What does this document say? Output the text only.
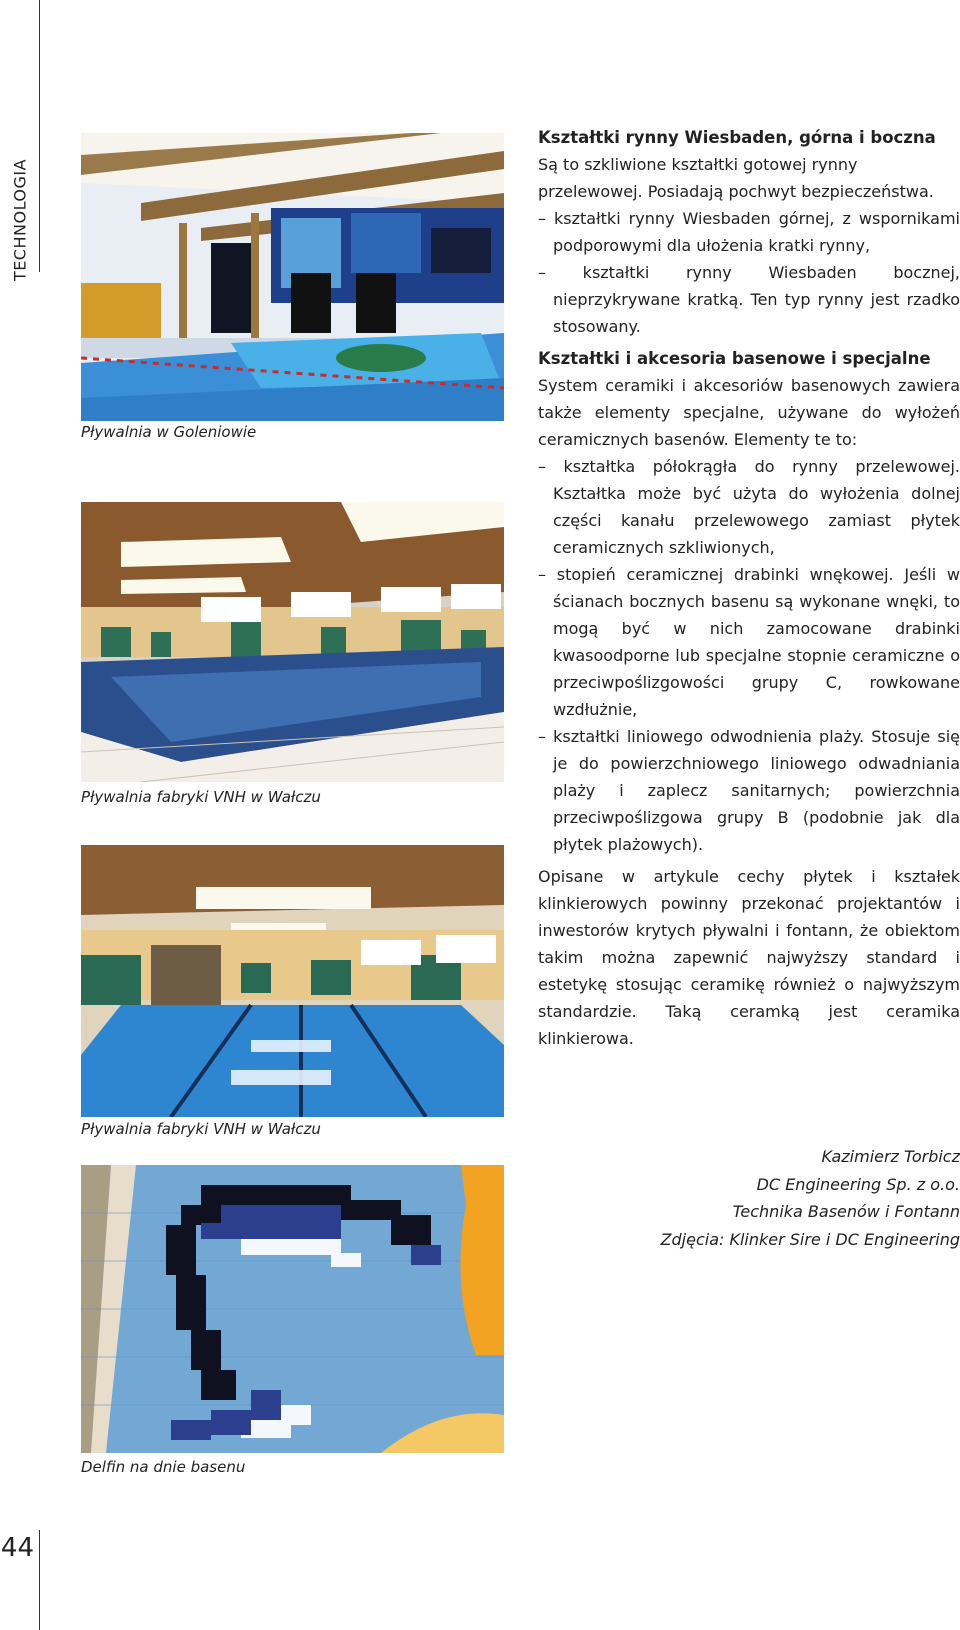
TECHNOLOGIA
44
Pływalnia w Goleniowie
Pływalnia fabryki VNH w Wałczu
Pływalnia fabryki VNH w Wałczu
Delfin na dnie basenu
Kształtki rynny Wiesbaden, górna i boczna

Są to szkliwione kształtki gotowej rynny przelewowej. Posiadają pochwyt bezpieczeństwa.

– kształtki rynny Wiesbaden górnej, z wspornikami podporowymi dla ułożenia kratki rynny,

– kształtki rynny Wiesbaden bocznej, nieprzykrywane kratką. Ten typ rynny jest rzadko stosowany.

Kształtki i akcesoria basenowe i specjalne

System ceramiki i akcesoriów basenowych zawiera także elementy specjalne, używane do wyłożeń ceramicznych basenów. Elementy te to:

– kształtka półokrągła do rynny przelewowej. Kształtka może być użyta do wyłożenia dolnej części kanału przelewowego zamiast płytek ceramicznych szkliwionych,

– stopień ceramicznej drabinki wnękowej. Jeśli w ścianach bocznych basenu są wykonane wnęki, to mogą być w nich zamocowane drabinki kwasoodporne lub specjalne stopnie ceramiczne o przeciwpoślizgowości grupy C, rowkowane wzdłużnie,

– kształtki liniowego odwodnienia plaży. Stosuje się je do powierzchniowego liniowego odwadniania plaży i zaplecz sanitarnych; powierzchnia przeciwpoślizgowa grupy B (podobnie jak dla płytek plażowych).

Opisane w artykule cechy płytek i kształek klinkierowych powinny przekonać projektantów i inwestorów krytych pływalni i fontann, że obiektom takim można zapewnić najwyższy standard i estetykę stosując ceramikę również o najwyższym standardzie. Taką ceramką jest ceramika klinkierowa.

Kazimierz Torbicz
DC Engineering Sp. z o.o.
Technika Basenów i Fontann
Zdjęcia: Klinker Sire i DC Engineering
